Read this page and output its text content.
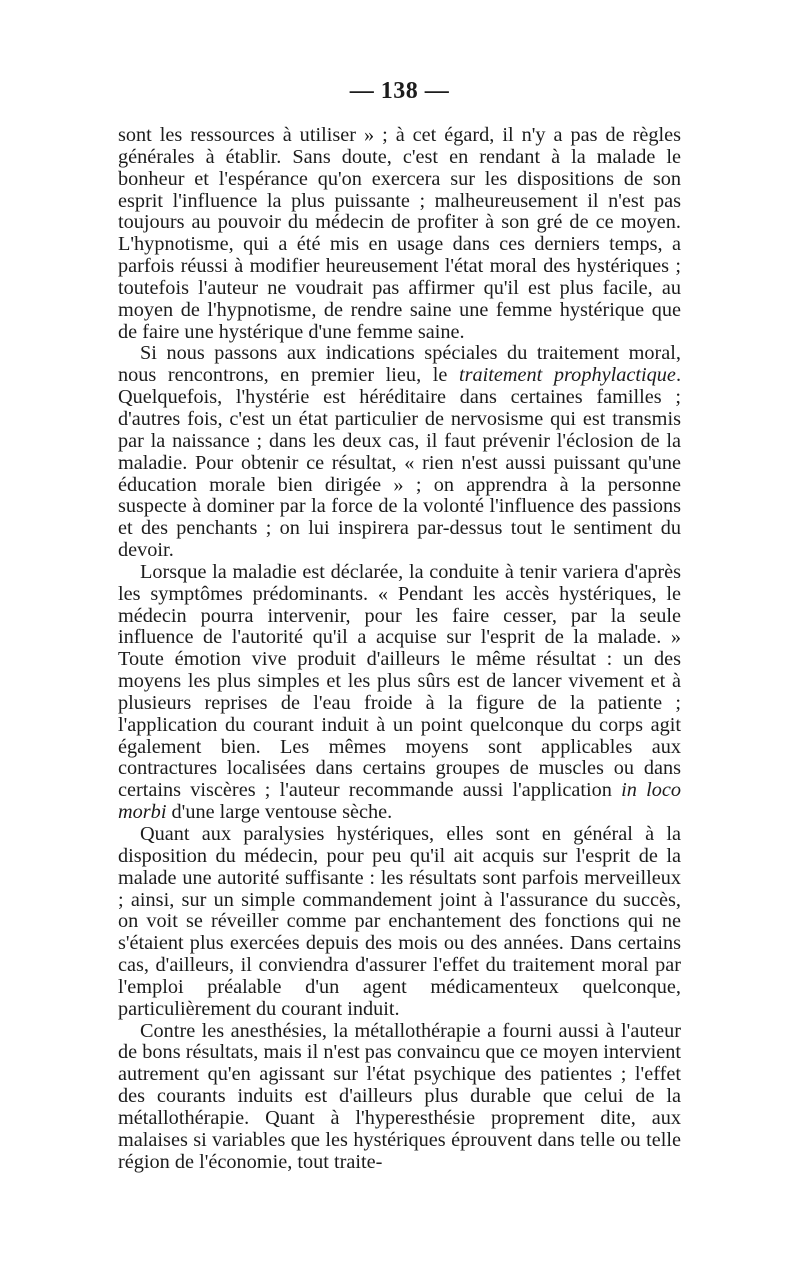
— 138 —

sont les ressources à utiliser » ; à cet égard, il n'y a pas de règles générales à établir. Sans doute, c'est en rendant à la malade le bonheur et l'espérance qu'on exercera sur les dispositions de son esprit l'influence la plus puissante ; malheureusement il n'est pas toujours au pouvoir du médecin de profiter à son gré de ce moyen. L'hypnotisme, qui a été mis en usage dans ces derniers temps, a parfois réussi à modifier heureusement l'état moral des hystériques ; toutefois l'auteur ne voudrait pas affirmer qu'il est plus facile, au moyen de l'hypnotisme, de rendre saine une femme hystérique que de faire une hystérique d'une femme saine.

Si nous passons aux indications spéciales du traitement moral, nous rencontrons, en premier lieu, le traitement prophylactique. Quelquefois, l'hystérie est héréditaire dans certaines familles ; d'autres fois, c'est un état particulier de nervosisme qui est transmis par la naissance ; dans les deux cas, il faut prévenir l'éclosion de la maladie. Pour obtenir ce résultat, « rien n'est aussi puissant qu'une éducation morale bien dirigée » ; on apprendra à la personne suspecte à dominer par la force de la volonté l'influence des passions et des penchants ; on lui inspirera par-dessus tout le sentiment du devoir.

Lorsque la maladie est déclarée, la conduite à tenir variera d'après les symptômes prédominants. « Pendant les accès hystériques, le médecin pourra intervenir, pour les faire cesser, par la seule influence de l'autorité qu'il a acquise sur l'esprit de la malade. » Toute émotion vive produit d'ailleurs le même résultat : un des moyens les plus simples et les plus sûrs est de lancer vivement et à plusieurs reprises de l'eau froide à la figure de la patiente ; l'application du courant induit à un point quelconque du corps agit également bien. Les mêmes moyens sont applicables aux contractures localisées dans certains groupes de muscles ou dans certains viscères ; l'auteur recommande aussi l'application in loco morbi d'une large ventouse sèche.

Quant aux paralysies hystériques, elles sont en général à la disposition du médecin, pour peu qu'il ait acquis sur l'esprit de la malade une autorité suffisante : les résultats sont parfois merveilleux ; ainsi, sur un simple commandement joint à l'assurance du succès, on voit se réveiller comme par enchantement des fonctions qui ne s'étaient plus exercées depuis des mois ou des années. Dans certains cas, d'ailleurs, il conviendra d'assurer l'effet du traitement moral par l'emploi préalable d'un agent médicamenteux quelconque, particulièrement du courant induit.

Contre les anesthésies, la métallothérapie a fourni aussi à l'auteur de bons résultats, mais il n'est pas convaincu que ce moyen intervient autrement qu'en agissant sur l'état psychique des patientes ; l'effet des courants induits est d'ailleurs plus durable que celui de la métallothérapie. Quant à l'hyperesthésie proprement dite, aux malaises si variables que les hystériques éprouvent dans telle ou telle région de l'économie, tout traite-
